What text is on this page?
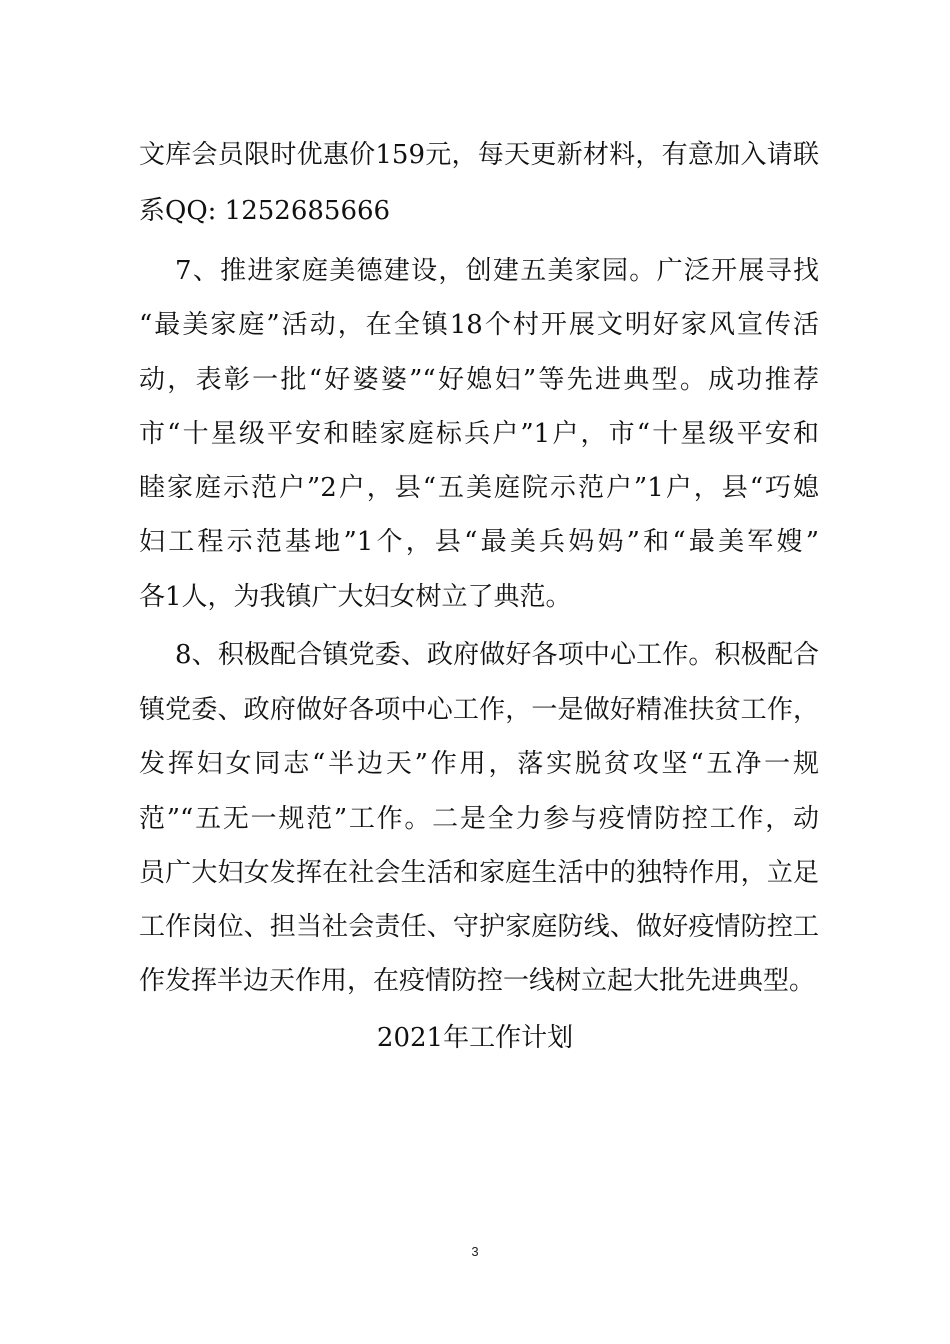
文库会员限时优惠价159元，每天更新材料，有意加入请联
系QQ: 1252685666
7、推进家庭美德建设，创建五美家园。广泛开展寻找
“最美家庭”活动，在全镇18个村开展文明好家风宣传活
动，表彰一批“好婆婆”“好媳妇”等先进典型。成功推荐
市“十星级平安和睦家庭标兵户”1户，市“十星级平安和
睦家庭示范户”2户，县“五美庭院示范户”1户，县“巧媳
妇工程示范基地”1个，县“最美兵妈妈”和“最美军嫂”
各1人，为我镇广大妇女树立了典范。
8、积极配合镇党委、政府做好各项中心工作。积极配合
镇党委、政府做好各项中心工作，一是做好精准扶贫工作，
发挥妇女同志“半边天”作用，落实脱贫攻坚“五净一规
范”“五无一规范”工作。二是全力参与疫情防控工作，动
员广大妇女发挥在社会生活和家庭生活中的独特作用，立足
工作岗位、担当社会责任、守护家庭防线、做好疫情防控工
作发挥半边天作用，在疫情防控一线树立起大批先进典型。
2021年工作计划
3
